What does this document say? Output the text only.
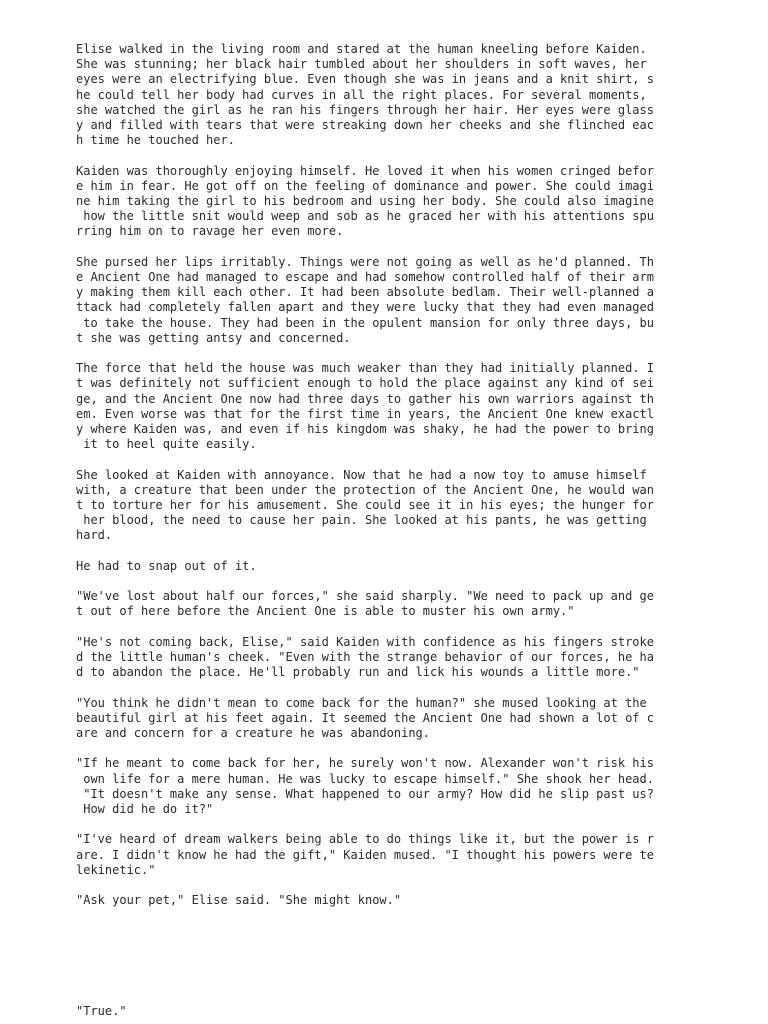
Elise walked in the living room and stared at the human kneeling before Kaiden.
She was stunning; her black hair tumbled about her shoulders in soft waves, her
eyes were an electrifying blue. Even though she was in jeans and a knit shirt, s
he could tell her body had curves in all the right places. For several moments,
she watched the girl as he ran his fingers through her hair. Her eyes were glass
y and filled with tears that were streaking down her cheeks and she flinched eac
h time he touched her.

Kaiden was thoroughly enjoying himself. He loved it when his women cringed befor
e him in fear. He got off on the feeling of dominance and power. She could imagi
ne him taking the girl to his bedroom and using her body. She could also imagine
how the little snit would weep and sob as he graced her with his attentions spu
rring him on to ravage her even more.

She pursed her lips irritably. Things were not going as well as he'd planned. Th
e Ancient One had managed to escape and had somehow controlled half of their arm
y making them kill each other. It had been absolute bedlam. Their well-planned a
ttack had completely fallen apart and they were lucky that they had even managed
to take the house. They had been in the opulent mansion for only three days, bu
t she was getting antsy and concerned.

The force that held the house was much weaker than they had initially planned. I
t was definitely not sufficient enough to hold the place against any kind of sei
ge, and the Ancient One now had three days to gather his own warriors against th
em. Even worse was that for the first time in years, the Ancient One knew exactl
y where Kaiden was, and even if his kingdom was shaky, he had the power to bring
it to heel quite easily.

She looked at Kaiden with annoyance. Now that he had a now toy to amuse himself
with, a creature that been under the protection of the Ancient One, he would wan
t to torture her for his amusement. She could see it in his eyes; the hunger for
her blood, the need to cause her pain. She looked at his pants, he was getting
hard.

He had to snap out of it.

"We've lost about half our forces," she said sharply. "We need to pack up and ge
t out of here before the Ancient One is able to muster his own army."

"He's not coming back, Elise," said Kaiden with confidence as his fingers stroke
d the little human's cheek. "Even with the strange behavior of our forces, he ha
d to abandon the place. He'll probably run and lick his wounds a little more."

"You think he didn't mean to come back for the human?" she mused looking at the
beautiful girl at his feet again. It seemed the Ancient One had shown a lot of c
are and concern for a creature he was abandoning.

"If he meant to come back for her, he surely won't now. Alexander won't risk his
own life for a mere human. He was lucky to escape himself." She shook her head.
"It doesn't make any sense. What happened to our army? How did he slip past us?
How did he do it?"

"I've heard of dream walkers being able to do things like it, but the power is r
are. I didn't know he had the gift," Kaiden mused. "I thought his powers were te
lekinetic."

"Ask your pet," Elise said. "She might know."

"True."
